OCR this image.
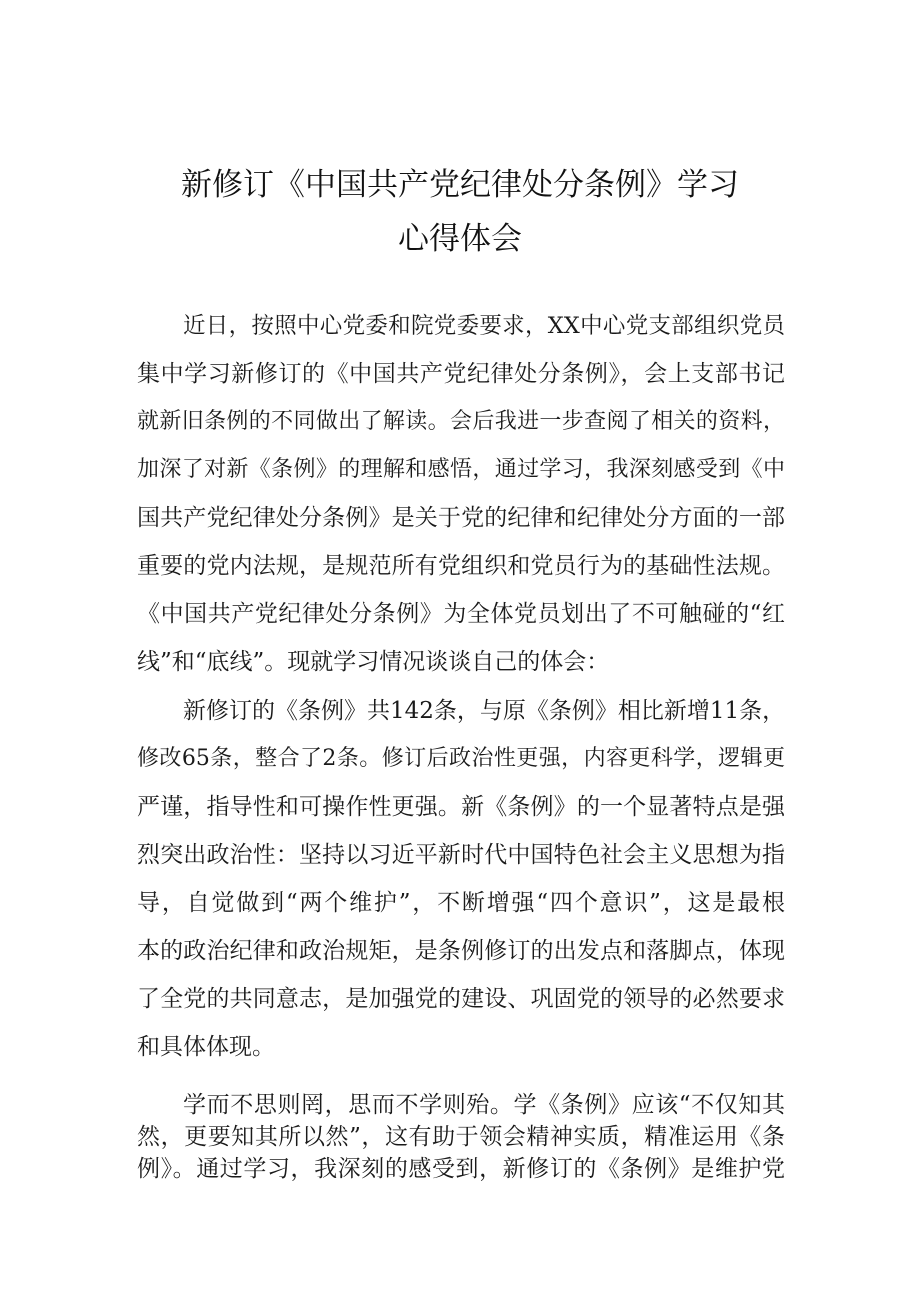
新修订《中国共产党纪律处分条例》学习
心得体会
近日，按照中心党委和院党委要求，XX中心党支部组织党员
集中学习新修订的《中国共产党纪律处分条例》，会上支部书记
就新旧条例的不同做出了解读。会后我进一步查阅了相关的资料，
加深了对新《条例》的理解和感悟，通过学习，我深刻感受到《中
国共产党纪律处分条例》是关于党的纪律和纪律处分方面的一部
重要的党内法规，是规范所有党组织和党员行为的基础性法规。
《中国共产党纪律处分条例》为全体党员划出了不可触碰的“红
线”和“底线”。现就学习情况谈谈自己的体会：
新修订的《条例》共142条，与原《条例》相比新增11条，
修改65条，整合了2条。修订后政治性更强，内容更科学，逻辑更
严谨，指导性和可操作性更强。新《条例》的一个显著特点是强
烈突出政治性：坚持以习近平新时代中国特色社会主义思想为指
导，自觉做到“两个维护”，不断增强“四个意识”，这是最根
本的政治纪律和政治规矩，是条例修订的出发点和落脚点，体现
了全党的共同意志，是加强党的建设、巩固党的领导的必然要求
和具体体现。
学而不思则罔，思而不学则殆。学《条例》应该“不仅知其
然，更要知其所以然”，这有助于领会精神实质，精准运用《条
例》。通过学习，我深刻的感受到，新修订的《条例》是维护党
